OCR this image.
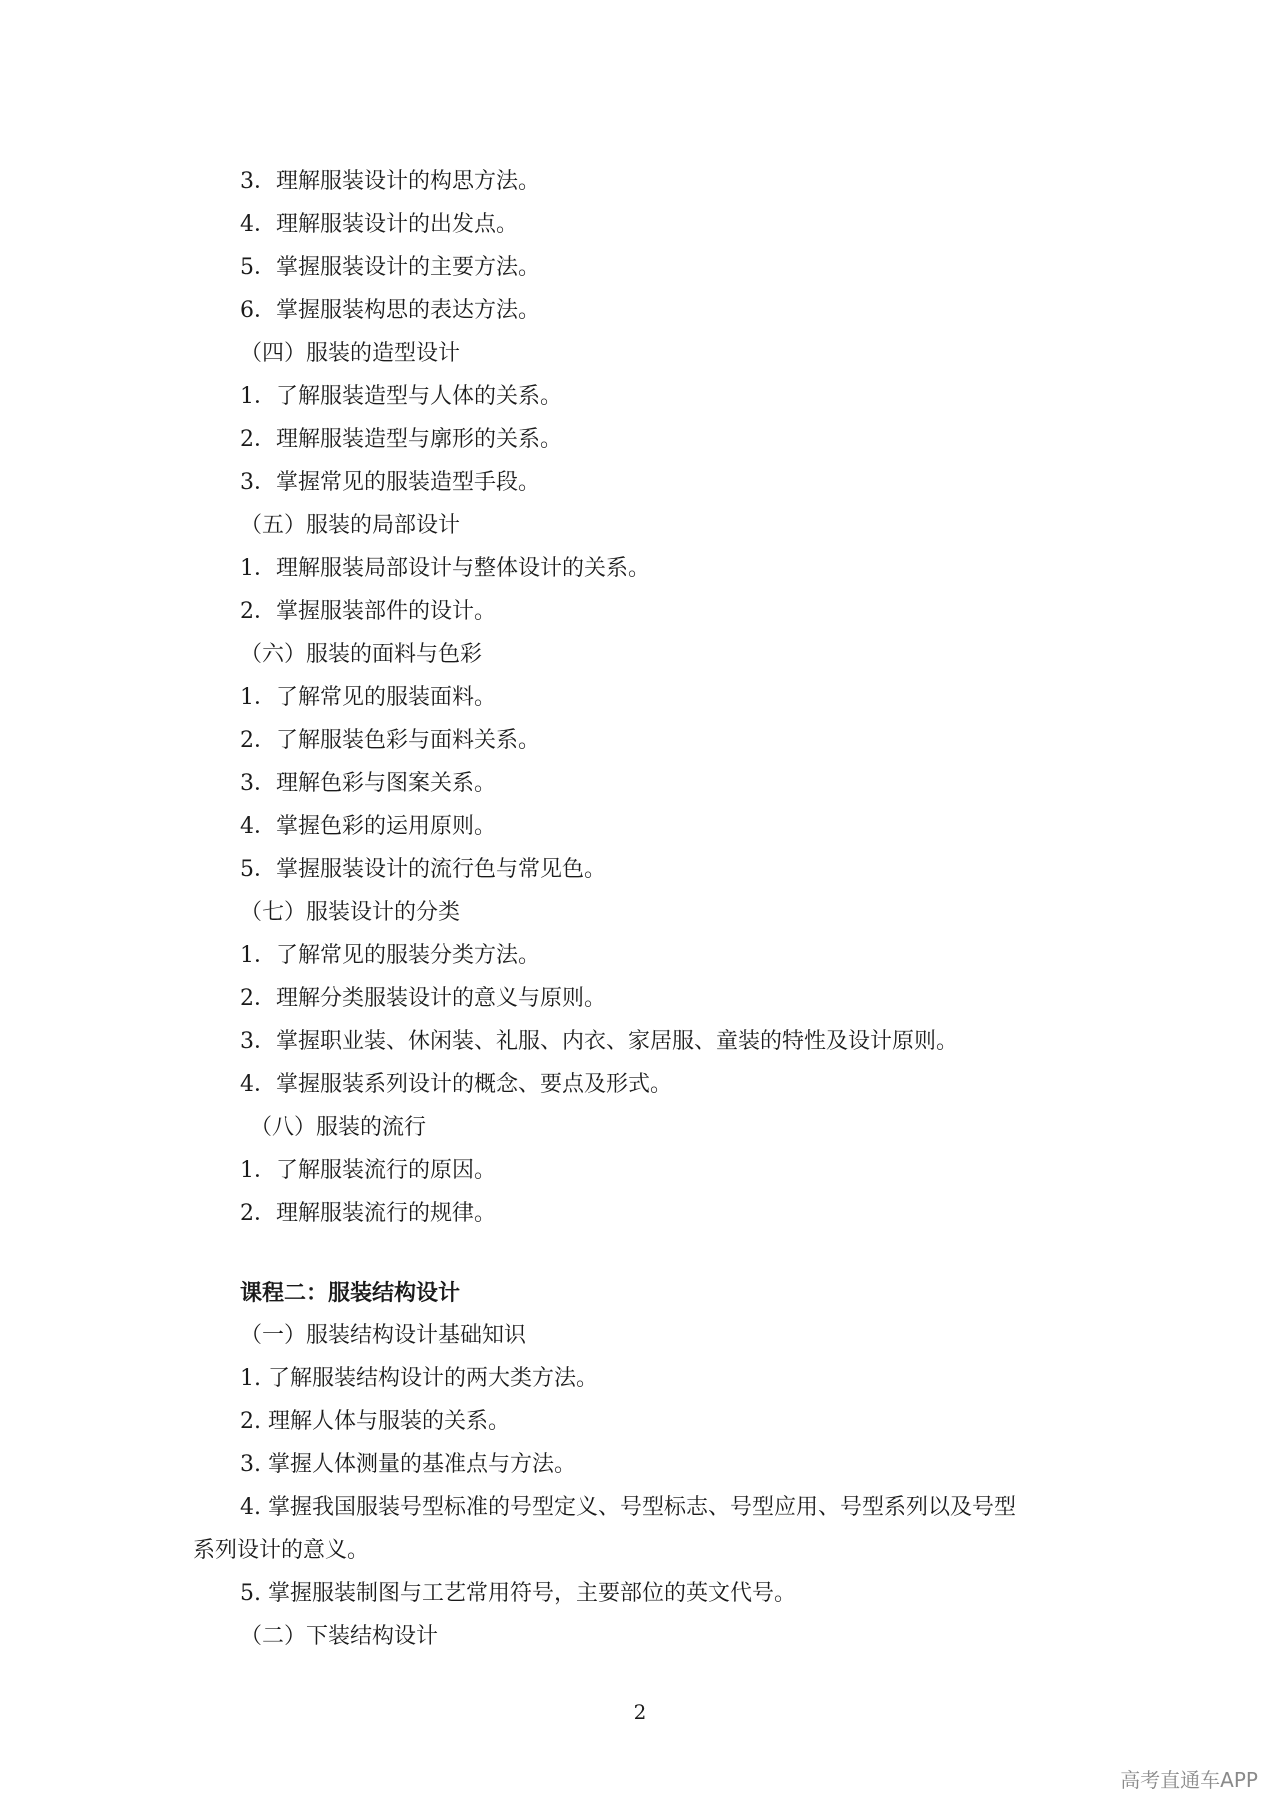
3．理解服装设计的构思方法。
4．理解服装设计的出发点。
5．掌握服装设计的主要方法。
6．掌握服装构思的表达方法。
（四）服装的造型设计
1．了解服装造型与人体的关系。
2．理解服装造型与廓形的关系。
3．掌握常见的服装造型手段。
（五）服装的局部设计
1．理解服装局部设计与整体设计的关系。
2．掌握服装部件的设计。
（六）服装的面料与色彩
1．了解常见的服装面料。
2．了解服装色彩与面料关系。
3．理解色彩与图案关系。
4．掌握色彩的运用原则。
5．掌握服装设计的流行色与常见色。
（七）服装设计的分类
1．了解常见的服装分类方法。
2．理解分类服装设计的意义与原则。
3．掌握职业装、休闲装、礼服、内衣、家居服、童装的特性及设计原则。
4．掌握服装系列设计的概念、要点及形式。
（八）服装的流行
1．了解服装流行的原因。
2．理解服装流行的规律。
课程二：服装结构设计
（一）服装结构设计基础知识
1. 了解服装结构设计的两大类方法。
2. 理解人体与服装的关系。
3. 掌握人体测量的基准点与方法。
4. 掌握我国服装号型标准的号型定义、号型标志、号型应用、号型系列以及号型
系列设计的意义。
5. 掌握服装制图与工艺常用符号，主要部位的英文代号。
（二）下装结构设计
2
高考直通车APP
